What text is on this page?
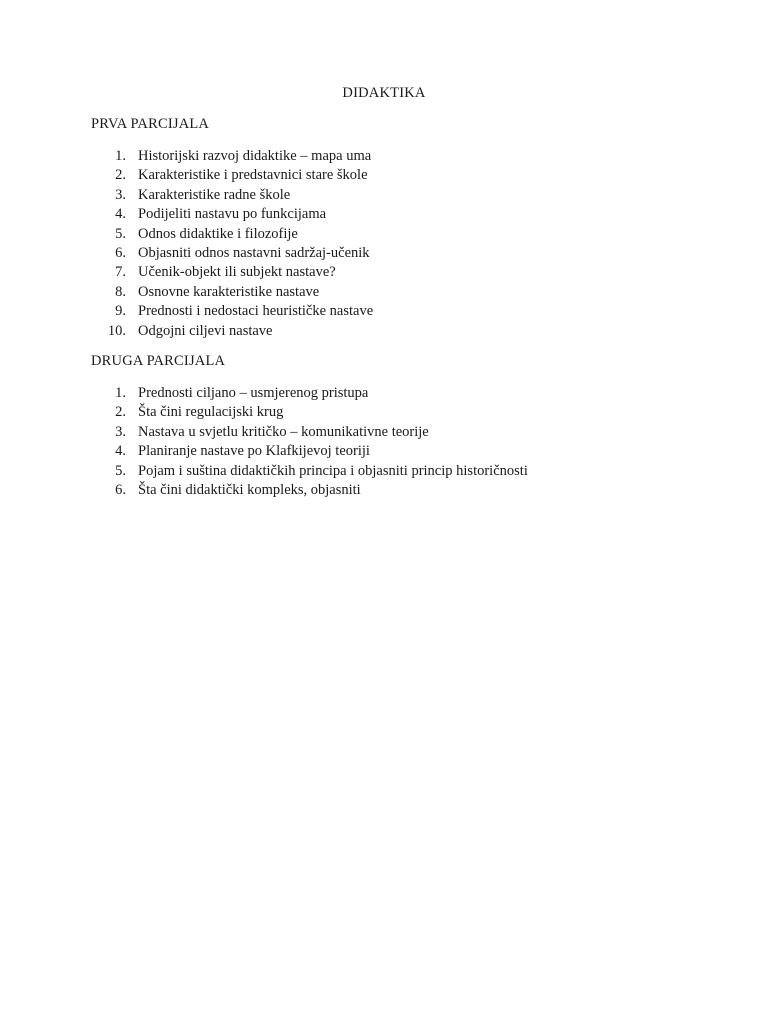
DIDAKTIKA
PRVA PARCIJALA
1. Historijski razvoj didaktike – mapa uma
2. Karakteristike i predstavnici stare škole
3. Karakteristike radne škole
4. Podijeliti nastavu po funkcijama
5. Odnos didaktike i filozofije
6. Objasniti odnos nastavni sadržaj-učenik
7. Učenik-objekt ili subjekt nastave?
8. Osnovne karakteristike nastave
9. Prednosti i nedostaci heurističke nastave
10. Odgojni ciljevi nastave
DRUGA PARCIJALA
1. Prednosti ciljano – usmjerenog pristupa
2. Šta čini regulacijski krug
3. Nastava u svjetlu kritičko – komunikativne teorije
4. Planiranje nastave po Klafkijevoj teoriji
5. Pojam i suština didaktičkih principa i objasniti princip historičnosti
6. Šta čini didaktički kompleks, objasniti
